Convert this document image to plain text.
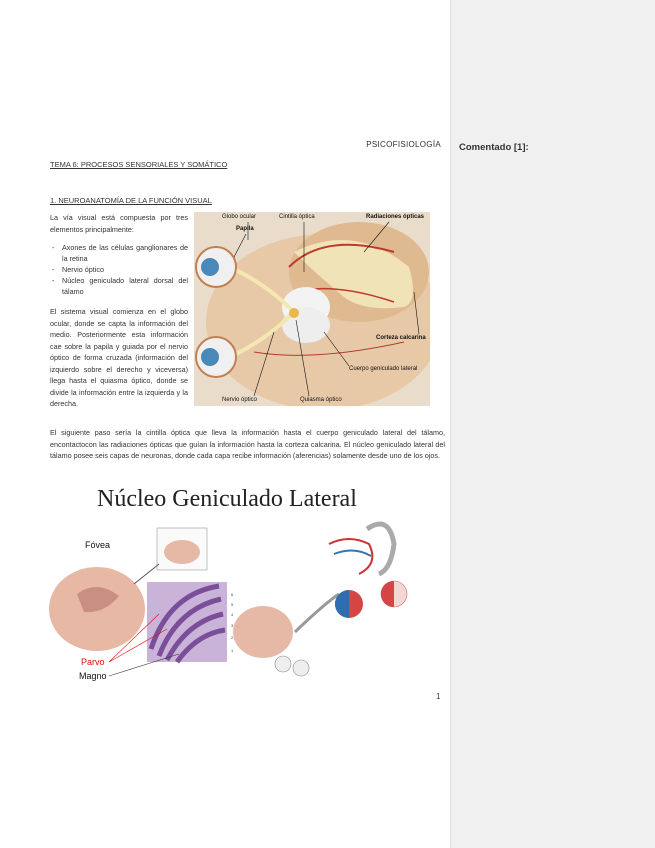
Comentado [1]:
PSICOFISIOLOGÍA
TEMA 6: PROCESOS SENSORIALES Y SOMÁTICO
1. NEUROANATOMÍA DE LA FUNCIÓN VISUAL
La vía visual está compuesta por tres elementos principalmente:
- Axones de las células ganglionares de la retina
- Nervio óptico
- Núcleo geniculado lateral dorsal del tálamo
El sistema visual comienza en el globo ocular, donde se capta la información del medio. Posteriormente esta información cae sobre la papila y guiada por el nervio óptico de forma cruzada (información del izquierdo sobre el derecho y viceversa) llega hasta el quiasma óptico, donde se divide la información entre la izquierda y la derecha.
Globo ocular	Cintilla óptica	Radiaciones ópticas
Papila
Corteza calcarina
Cuerpo geniculado lateral
Nervio óptico	Quiasma óptico
El siguiente paso sería la cintilla óptica que lleva la información hasta el cuerpo geniculado lateral del tálamo, encontactocon las radiaciones ópticas que guían la información hasta la corteza calcarina. El núcleo geniculado lateral del tálamo posee seis capas de neuronas, donde cada capa recibe información (aferencias) solamente desde uno de los ojos.
Núcleo Geniculado Lateral
6
5
4
3
2
1
Fóvea
Parvo
Magno
1
